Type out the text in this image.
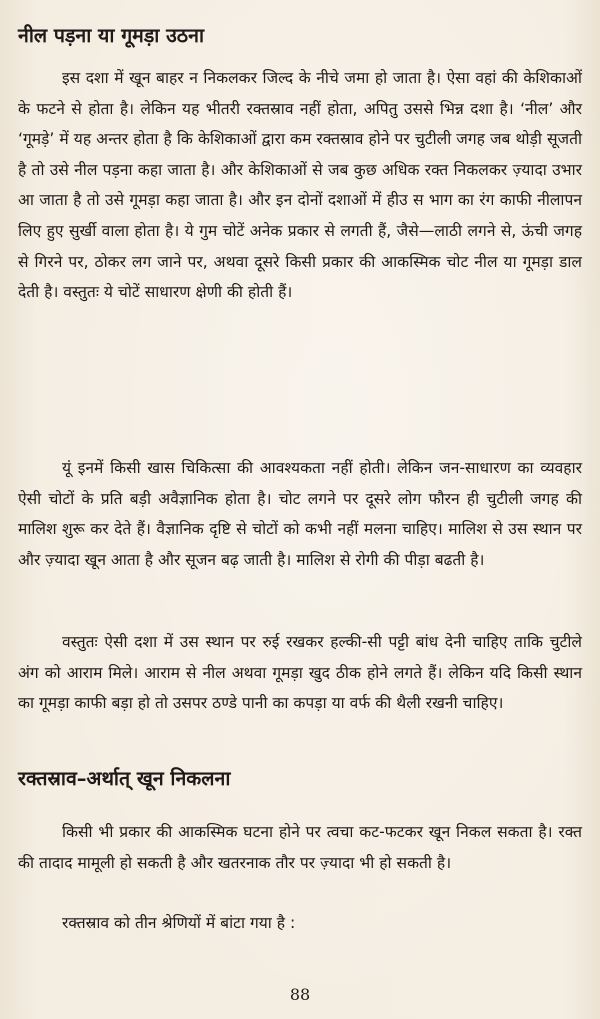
नील पड़ना या गूमड़ा उठना

इस दशा में खून बाहर न निकलकर जिल्द के नीचे जमा हो जाता है। ऐसा वहां की केशिकाओं के फटने से होता है। लेकिन यह भीतरी रक्तस्राव नहीं होता, अपितु उससे भिन्न दशा है। ‘नील’ और ‘गूमड़े’ में यह अन्तर होता है कि केशिकाओं द्वारा कम रक्तस्राव होने पर चुटीली जगह जब थोड़ी सूजती है तो उसे नील पड़ना कहा जाता है। और केशिकाओं से जब कुछ अधिक रक्त निकलकर ज़्यादा उभार आ जाता है तो उसे गूमड़ा कहा जाता है। और इन दोनों दशाओं में हीउ स भाग का रंग काफी नीलापन लिए हुए सुर्खी वाला होता है। ये गुम चोटें अनेक प्रकार से लगती हैं, जैसे—लाठी लगने से, ऊंची जगह से गिरने पर, ठोकर लग जाने पर, अथवा दूसरे किसी प्रकार की आकस्मिक चोट नील या गूमड़ा डाल देती है। वस्तुतः ये चोटें साधारण क्षेणी की होती हैं।

यूं इनमें किसी खास चिकित्सा की आवश्यकता नहीं होती। लेकिन जन-साधारण का व्यवहार ऐसी चोटों के प्रति बड़ी अवैज्ञानिक होता है। चोट लगने पर दूसरे लोग फौरन ही चुटीली जगह की मालिश शुरू कर देते हैं। वैज्ञानिक दृष्टि से चोटों को कभी नहीं मलना चाहिए। मालिश से उस स्थान पर और ज़्यादा खून आता है और सूजन बढ़ जाती है। मालिश से रोगी की पीड़ा बढती है।

वस्तुतः ऐसी दशा में उस स्थान पर रुई रखकर हल्की-सी पट्टी बांध देनी चाहिए ताकि चुटीले अंग को आराम मिले। आराम से नील अथवा गूमड़ा खुद ठीक होने लगते हैं। लेकिन यदि किसी स्थान का गूमड़ा काफी बड़ा हो तो उसपर ठण्डे पानी का कपड़ा या वर्फ की थैली रखनी चाहिए।

रक्तस्राव–अर्थात् खून निकलना

किसी भी प्रकार की आकस्मिक घटना होने पर त्वचा कट-फटकर खून निकल सकता है। रक्त की तादाद मामूली हो सकती है और खतरनाक तौर पर ज़्यादा भी हो सकती है।

रक्तस्राव को तीन श्रेणियों में बांटा गया है :

88
